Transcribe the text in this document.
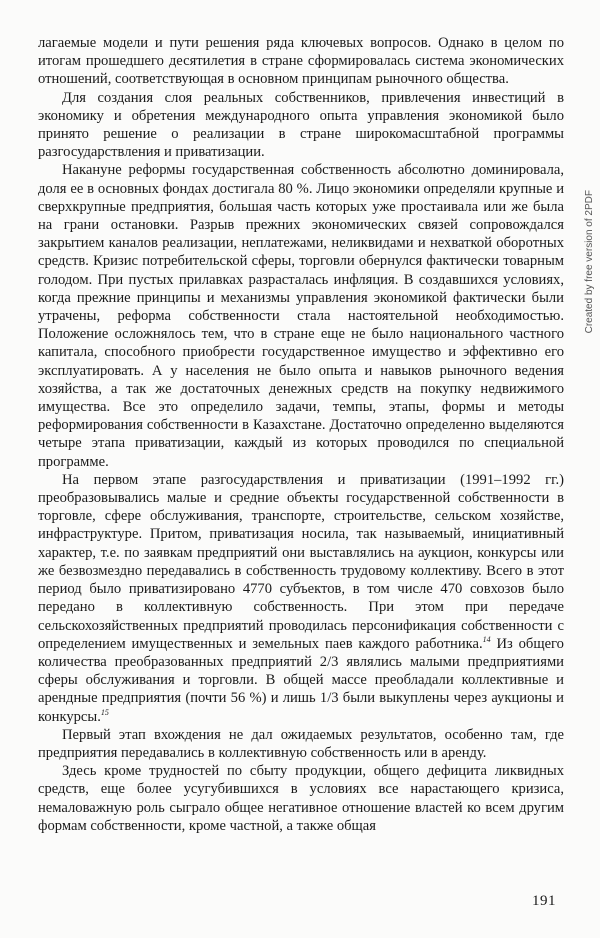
лагаемые модели и пути решения ряда ключевых вопросов. Однако в целом по итогам прошедшего десятилетия в стране сформировалась система экономических отношений, соответствующая в основном принципам рыночного общества.

Для создания слоя реальных собственников, привлечения инвестиций в экономику и обретения международного опыта управления экономикой было принято решение о реализации в стране широкомасштабной программы разгосударствления и приватизации.

Накануне реформы государственная собственность абсолютно доминировала, доля ее в основных фондах достигала 80 %. Лицо экономики определяли крупные и сверхкрупные предприятия, большая часть которых уже простаивала или же была на грани остановки. Разрыв прежних экономических связей сопровождался закрытием каналов реализации, неплатежами, неликвидами и нехваткой оборотных средств. Кризис потребительской сферы, торговли обернулся фактически товарным голодом. При пустых прилавках разрасталась инфляция. В создавшихся условиях, когда прежние принципы и механизмы управления экономикой фактически были утрачены, реформа собственности стала настоятельной необходимостью. Положение осложнялось тем, что в стране еще не было национального частного капитала, способного приобрести государственное имущество и эффективно его эксплуатировать. А у населения не было опыта и навыков рыночного ведения хозяйства, а так же достаточных денежных средств на покупку недвижимого имущества. Все это определило задачи, темпы, этапы, формы и методы реформирования собственности в Казахстане. Достаточно определенно выделяются четыре этапа приватизации, каждый из которых проводился по специальной программе.

На первом этапе разгосударствления и приватизации (1991–1992 гг.) преобразовывались малые и средние объекты государственной собственности в торговле, сфере обслуживания, транспорте, строительстве, сельском хозяйстве, инфраструктуре. Притом, приватизация носила, так называемый, инициативный характер, т.е. по заявкам предприятий они выставлялись на аукцион, конкурсы или же безвозмездно передавались в собственность трудовому коллективу. Всего в этот период было приватизировано 4770 субъектов, в том числе 470 совхозов было передано в коллективную собственность. При этом при передаче сельскохозяйственных предприятий проводилась персонификация собственности с определением имущественных и земельных паев каждого работника.$^{14}$ Из общего количества преобразованных предприятий 2/3 являлись малыми предприятиями сферы обслуживания и торговли. В общей массе преобладали коллективные и арендные предприятия (почти 56 %) и лишь 1/3 были выкуплены через аукционы и конкурсы.$^{15}$

Первый этап вхождения не дал ожидаемых результатов, особенно там, где предприятия передавались в коллективную собственность или в аренду.

Здесь кроме трудностей по сбыту продукции, общего дефицита ликвидных средств, еще более усугубившихся в условиях все нарастающего кризиса, немаловажную роль сыграло общее негативное отношение властей ко всем другим формам собственности, кроме частной, а также общая

191
Created by free version of 2PDF
